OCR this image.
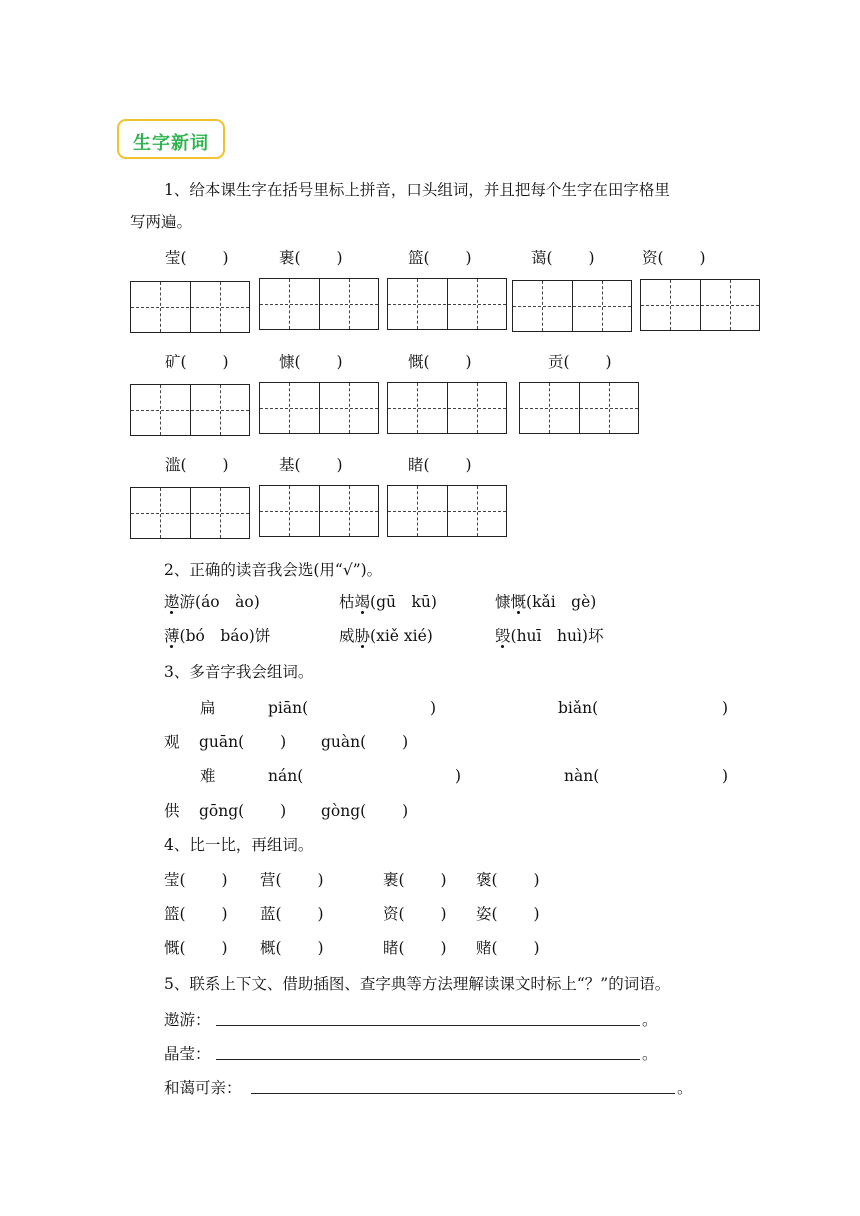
生字新词
1、给本课生字在括号里标上拼音，口头组词，并且把每个生字在田字格里
写两遍。
莹(　　 )	裹(　　 )	篮(　　 )	蔼(　　 )	资(　　 )
矿(　　 )	慷(　　 )	慨(　　 )	贡(　　 )
滥(　　 )	基(　　 )	睹(　　 )
2、正确的读音我会选(用“√”)。
遨游(áo　ào)	枯竭(gū　kū)	慷慨(kǎi　gè)
薄(bó　báo)饼	威胁(xiě xié)	毁(huī　huì)坏
3、多音字我会组词。
扁	piān(	)	biǎn(	)
观 guān(　　 ) guàn(　　 )
难	nán(	)	nàn(	)
供 gōng(　　 ) gòng(　　 )
4、比一比，再组词。
莹(　　 ) 营(　　 )	裹(　　 ) 褒(　　 )
篮(　　 ) 蓝(　　 )	资(　　 ) 姿(　　 )
慨(　　 ) 概(　　 )	睹(　　 ) 赌(　　 )
5、联系上下文、借助插图、查字典等方法理解读课文时标上“？”的词语。
遨游：	。
晶莹：	。
和蔼可亲：	。
